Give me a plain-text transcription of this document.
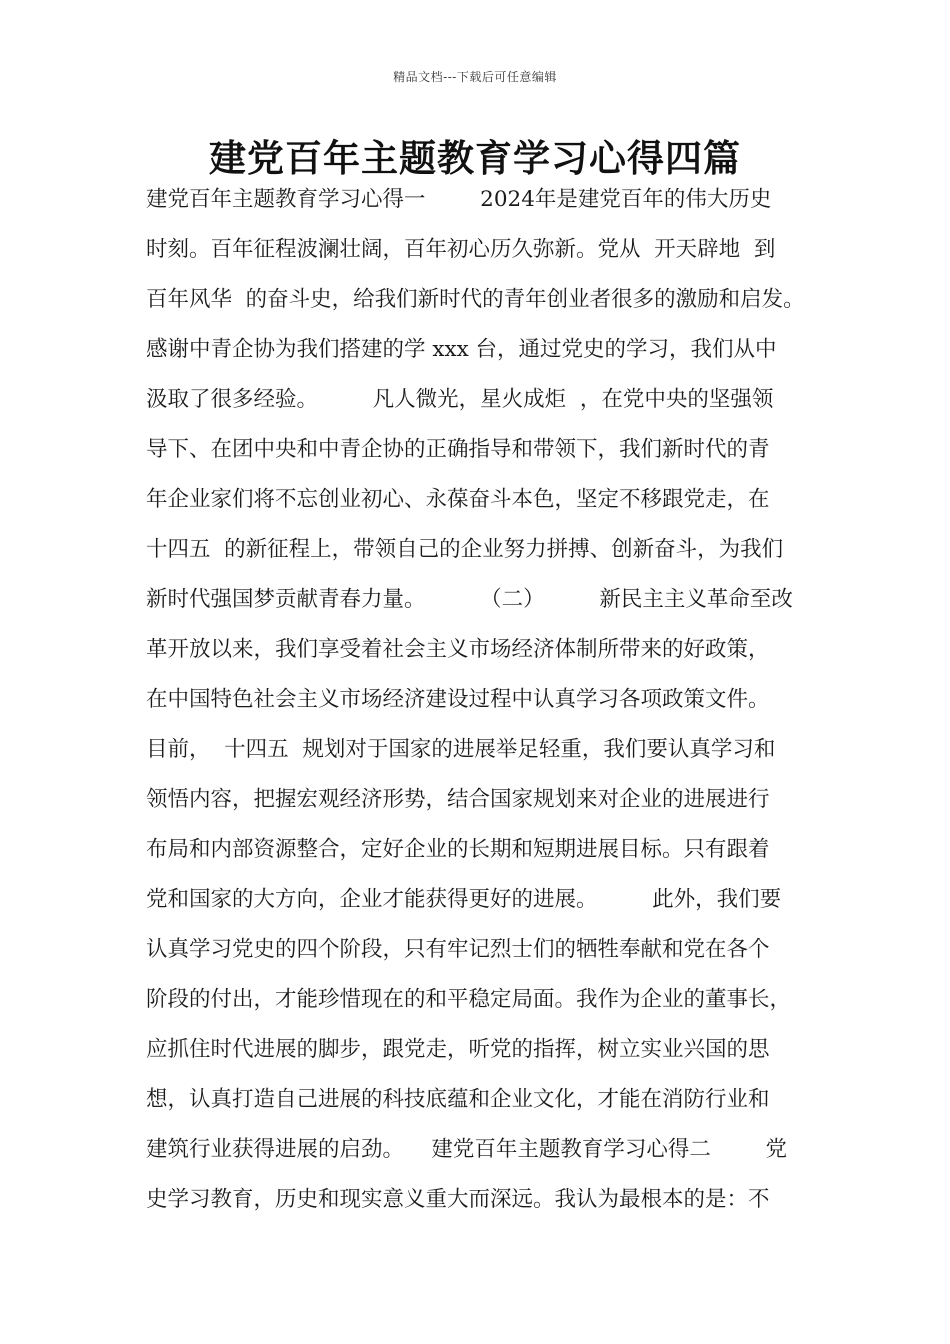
精品文档---下载后可任意编辑
建党百年主题教育学习心得四篇
建党百年主题教育学习心得一        2024年是建党百年的伟大历史
时刻。百年征程波澜壮阔，百年初心历久弥新。党从  开天辟地  到
百年风华  的奋斗史，给我们新时代的青年创业者很多的激励和启发。
感谢中青企协为我们搭建的学 xxx 台，通过党史的学习，我们从中
汲取了很多经验。        凡人微光，星火成炬  ，在党中央的坚强领
导下、在团中央和中青企协的正确指导和带领下，我们新时代的青
年企业家们将不忘创业初心、永葆奋斗本色，坚定不移跟党走，在
十四五  的新征程上，带领自己的企业努力拼搏、创新奋斗，为我们
新时代强国梦贡献青春力量。        （二）        新民主主义革命至改
革开放以来，我们享受着社会主义市场经济体制所带来的好政策，
在中国特色社会主义市场经济建设过程中认真学习各项政策文件。
目前，  十四五  规划对于国家的进展举足轻重，我们要认真学习和
领悟内容，把握宏观经济形势，结合国家规划来对企业的进展进行
布局和内部资源整合，定好企业的长期和短期进展目标。只有跟着
党和国家的大方向，企业才能获得更好的进展。        此外，我们要
认真学习党史的四个阶段，只有牢记烈士们的牺牲奉献和党在各个
阶段的付出，才能珍惜现在的和平稳定局面。我作为企业的董事长，
应抓住时代进展的脚步，跟党走，听党的指挥，树立实业兴国的思
想，认真打造自己进展的科技底蕴和企业文化，才能在消防行业和
建筑行业获得进展的启劲。    建党百年主题教育学习心得二        党
史学习教育，历史和现实意义重大而深远。我认为最根本的是：不
